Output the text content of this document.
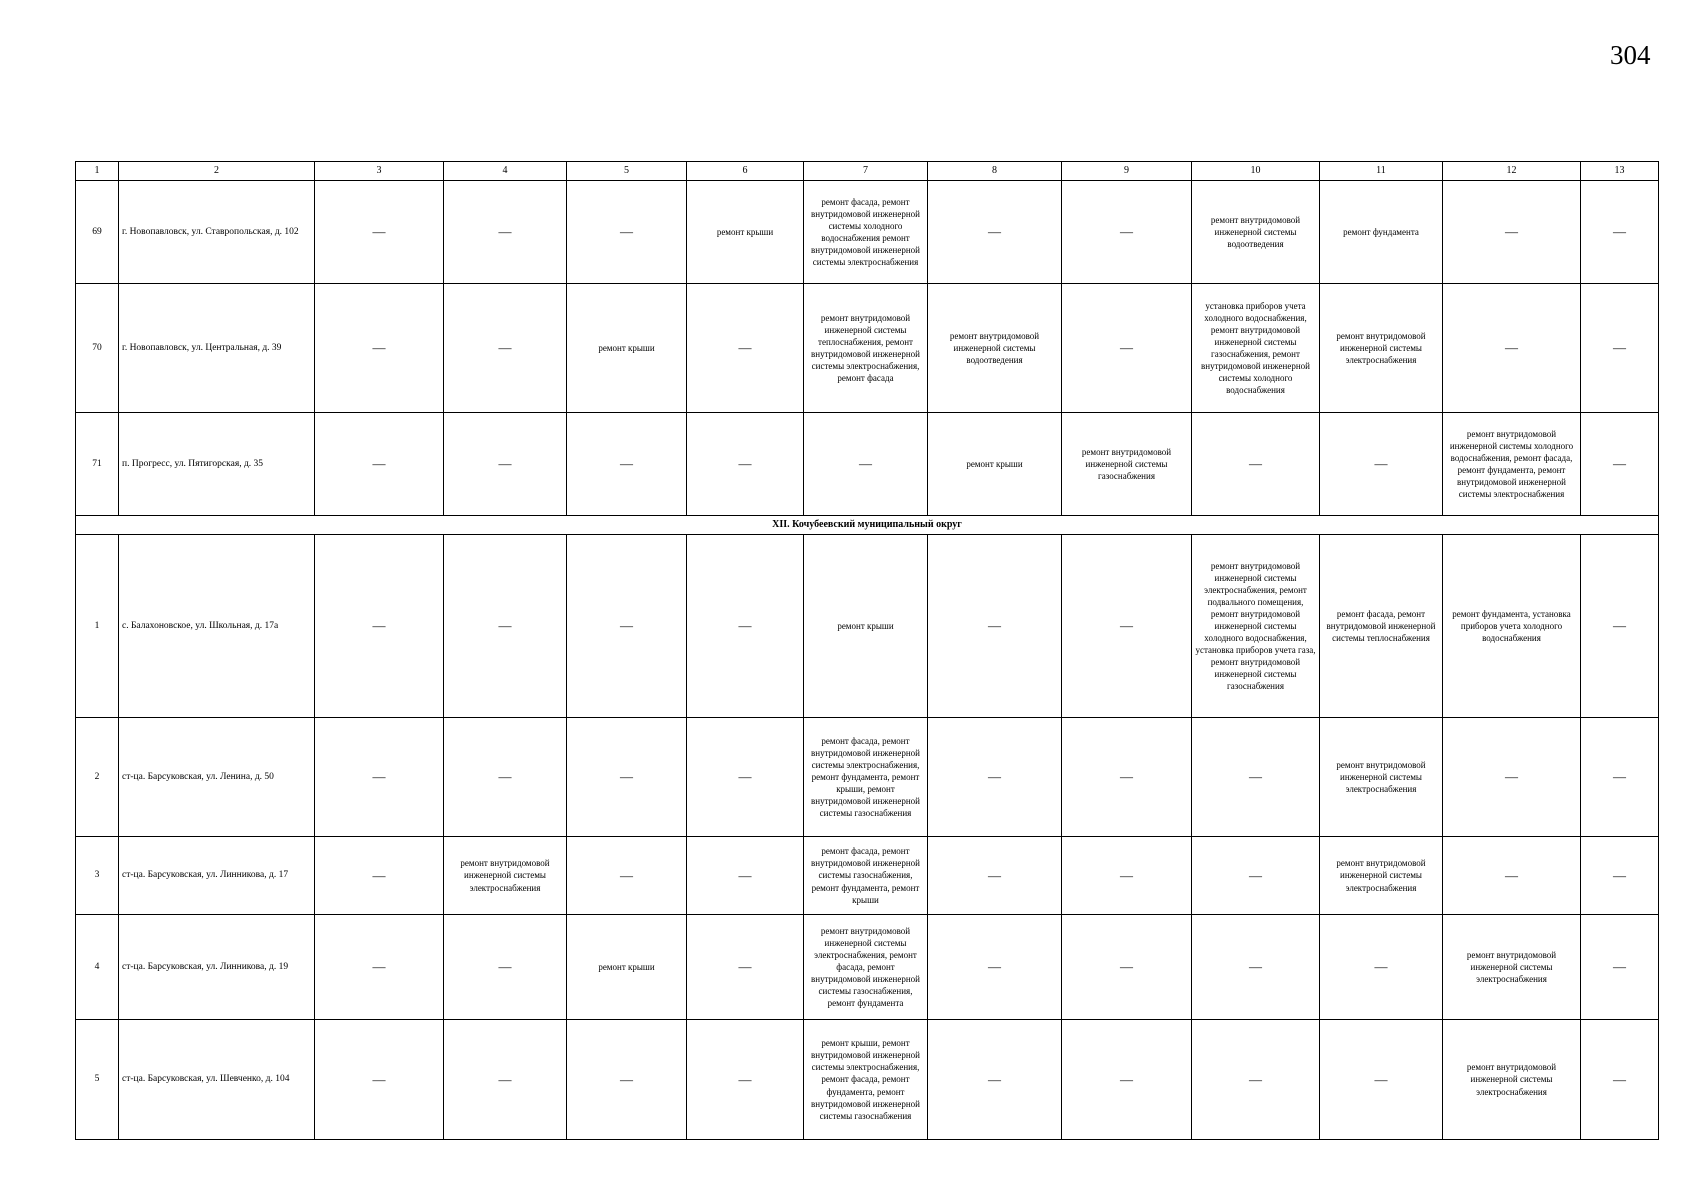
304
1	2	3	4	5	6	7	8	9	10	11	12	13
69	г. Новопавловск, ул. Ставропольская, д. 102	—	—	—	ремонт крыши	ремонт фасада, ремонт внутридомовой инженерной системы холодного водоснабжения ремонт внутридомовой инженерной системы электроснабжения	—	—	ремонт внутридомовой инженерной системы водоотведения	ремонт фундамента	—	—
70	г. Новопавловск, ул. Центральная, д. 39	—	—	ремонт крыши	—	ремонт внутридомовой инженерной системы теплоснабжения, ремонт внутридомовой инженерной системы электроснабжения, ремонт фасада	ремонт внутридомовой инженерной системы водоотведения	—	установка приборов учета холодного водоснабжения, ремонт внутридомовой инженерной системы газоснабжения, ремонт внутридомовой инженерной системы холодного водоснабжения	ремонт внутридомовой инженерной системы электроснабжения	—	—
71	п. Прогресс, ул. Пятигорская, д. 35	—	—	—	—	—	ремонт крыши	ремонт внутридомовой инженерной системы газоснабжения	—	—	ремонт внутридомовой инженерной системы холодного водоснабжения, ремонт фасада, ремонт фундамента, ремонт внутридомовой инженерной системы электроснабжения	—
XII. Кочубеевский муниципальный округ												
1	с. Балахоновское, ул. Школьная, д. 17а	—	—	—	—	ремонт крыши	—	—	ремонт внутридомовой инженерной системы электроснабжения, ремонт подвального помещения, ремонт внутридомовой инженерной системы холодного водоснабжения, установка приборов учета газа, ремонт внутридомовой инженерной системы газоснабжения	ремонт фасада, ремонт внутридомовой инженерной системы теплоснабжения	ремонт фундамента, установка приборов учета холодного водоснабжения	—
2	ст-ца. Барсуковская, ул. Ленина, д. 50	—	—	—	—	ремонт фасада, ремонт внутридомовой инженерной системы электроснабжения, ремонт фундамента, ремонт крыши, ремонт внутридомовой инженерной системы газоснабжения	—	—	—	ремонт внутридомовой инженерной системы электроснабжения	—	—
3	ст-ца. Барсуковская, ул. Линникова, д. 17	—	ремонт внутридомовой инженерной системы электроснабжения	—	—	ремонт фасада, ремонт внутридомовой инженерной системы газоснабжения, ремонт фундамента, ремонт крыши	—	—	—	ремонт внутридомовой инженерной системы электроснабжения	—	—
4	ст-ца. Барсуковская, ул. Линникова, д. 19	—	—	ремонт крыши	—	ремонт внутридомовой инженерной системы электроснабжения, ремонт фасада, ремонт внутридомовой инженерной системы газоснабжения, ремонт фундамента	—	—	—	—	ремонт внутридомовой инженерной системы электроснабжения	—
5	ст-ца. Барсуковская, ул. Шевченко, д. 104	—	—	—	—	ремонт крыши, ремонт внутридомовой инженерной системы электроснабжения, ремонт фасада, ремонт фундамента, ремонт внутридомовой инженерной системы газоснабжения	—	—	—	—	ремонт внутридомовой инженерной системы электроснабжения	—
